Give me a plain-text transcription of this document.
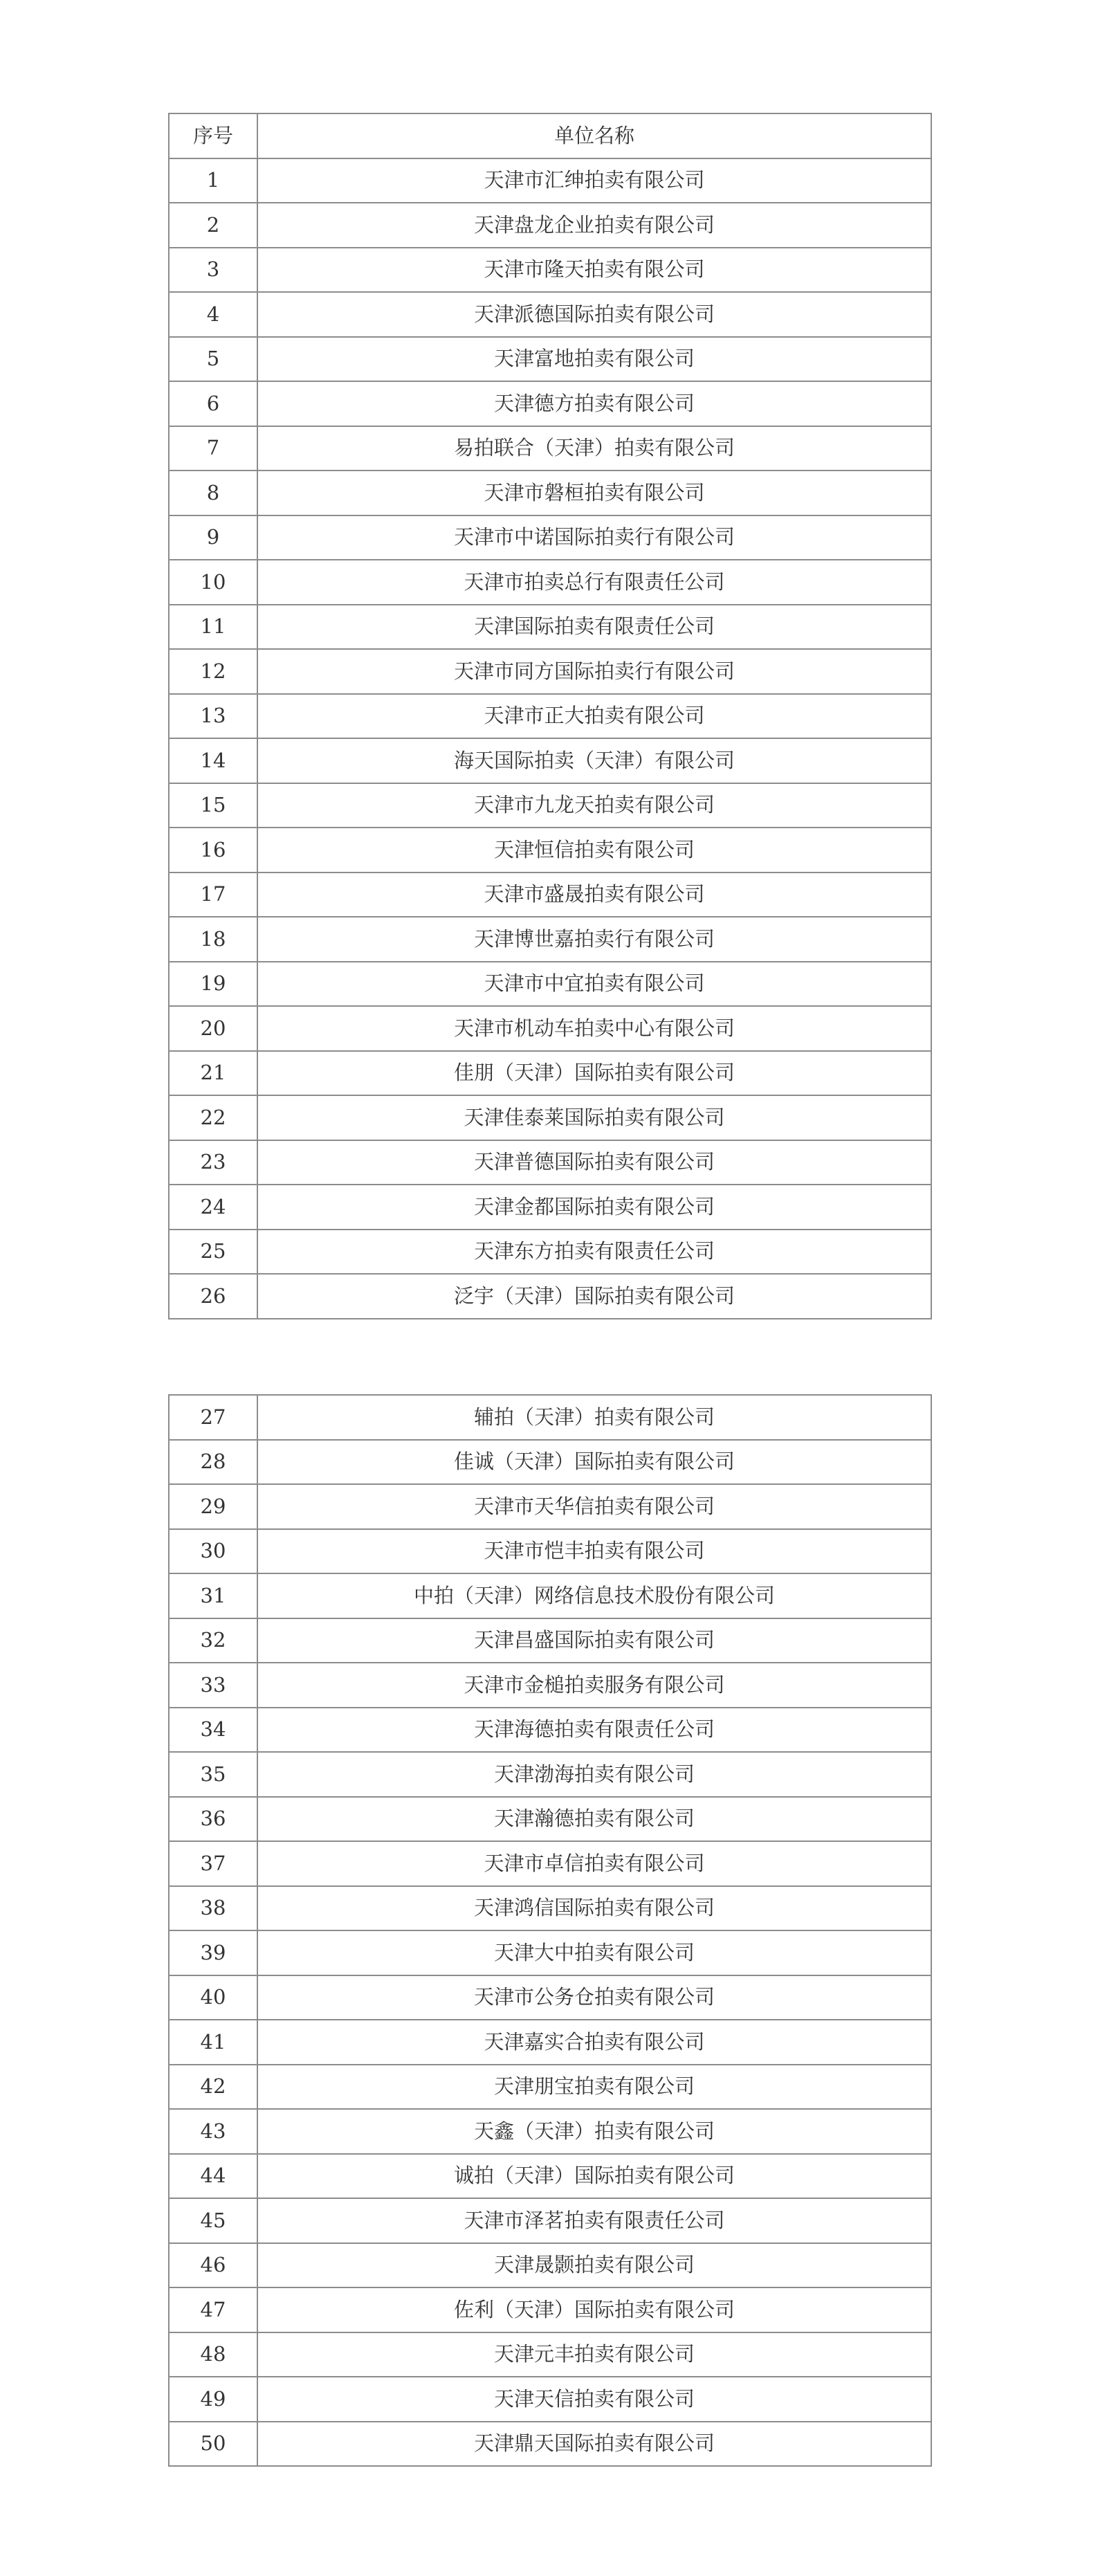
序号	单位名称
1	天津市汇绅拍卖有限公司
2	天津盘龙企业拍卖有限公司
3	天津市隆天拍卖有限公司
4	天津派德国际拍卖有限公司
5	天津富地拍卖有限公司
6	天津德方拍卖有限公司
7	易拍联合（天津）拍卖有限公司
8	天津市磐桓拍卖有限公司
9	天津市中诺国际拍卖行有限公司
10	天津市拍卖总行有限责任公司
11	天津国际拍卖有限责任公司
12	天津市同方国际拍卖行有限公司
13	天津市正大拍卖有限公司
14	海天国际拍卖（天津）有限公司
15	天津市九龙天拍卖有限公司
16	天津恒信拍卖有限公司
17	天津市盛晟拍卖有限公司
18	天津博世嘉拍卖行有限公司
19	天津市中宜拍卖有限公司
20	天津市机动车拍卖中心有限公司
21	佳朋（天津）国际拍卖有限公司
22	天津佳泰莱国际拍卖有限公司
23	天津普德国际拍卖有限公司
24	天津金都国际拍卖有限公司
25	天津东方拍卖有限责任公司
26	泛宇（天津）国际拍卖有限公司
27	辅拍（天津）拍卖有限公司
28	佳诚（天津）国际拍卖有限公司
29	天津市天华信拍卖有限公司
30	天津市恺丰拍卖有限公司
31	中拍（天津）网络信息技术股份有限公司
32	天津昌盛国际拍卖有限公司
33	天津市金槌拍卖服务有限公司
34	天津海德拍卖有限责任公司
35	天津渤海拍卖有限公司
36	天津瀚德拍卖有限公司
37	天津市卓信拍卖有限公司
38	天津鸿信国际拍卖有限公司
39	天津大中拍卖有限公司
40	天津市公务仓拍卖有限公司
41	天津嘉实合拍卖有限公司
42	天津朋宝拍卖有限公司
43	天鑫（天津）拍卖有限公司
44	诚拍（天津）国际拍卖有限公司
45	天津市泽茗拍卖有限责任公司
46	天津晟颢拍卖有限公司
47	佐利（天津）国际拍卖有限公司
48	天津元丰拍卖有限公司
49	天津天信拍卖有限公司
50	天津鼎天国际拍卖有限公司
